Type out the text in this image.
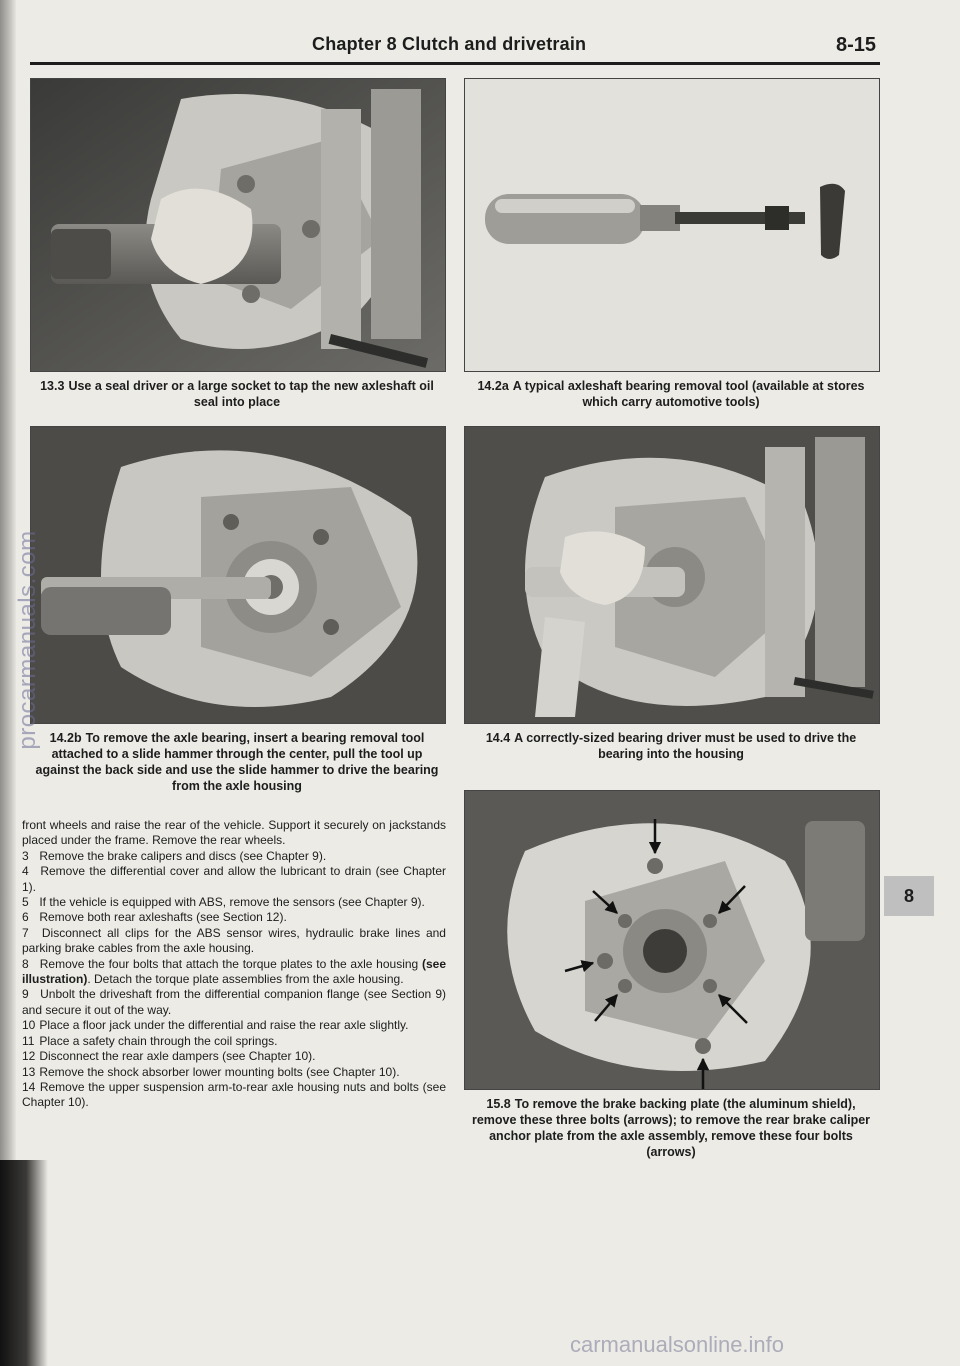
Chapter 8 Clutch and drivetrain	8-15
13.3 Use a seal driver or a large socket to tap the new axleshaft oil seal into place
14.2a A typical axleshaft bearing removal tool (available at stores which carry automotive tools)
14.2b To remove the axle bearing, insert a bearing removal tool attached to a slide hammer through the center, pull the tool up against the back side and use the slide hammer to drive the bearing from the axle housing
14.4 A correctly-sized bearing driver must be used to drive the bearing into the housing

front wheels and raise the rear of the vehicle. Support it securely on jackstands placed under the frame. Remove the rear wheels.

3 Remove the brake calipers and discs (see Chapter 9).

4 Remove the differential cover and allow the lubricant to drain (see Chapter 1).

5 If the vehicle is equipped with ABS, remove the sensors (see Chapter 9).

6 Remove both rear axleshafts (see Section 12).

7 Disconnect all clips for the ABS sensor wires, hydraulic brake lines and parking brake cables from the axle housing.

8 Remove the four bolts that attach the torque plates to the axle housing (see illustration). Detach the torque plate assemblies from the axle housing.

9 Unbolt the driveshaft from the differential companion flange (see Section 9) and secure it out of the way.

10 Place a floor jack under the differential and raise the rear axle slightly.

11 Place a safety chain through the coil springs.

12 Disconnect the rear axle dampers (see Chapter 10).

13 Remove the shock absorber lower mounting bolts (see Chapter 10).

14 Remove the upper suspension arm-to-rear axle housing nuts and bolts (see Chapter 10).	15.8 To remove the brake backing plate (the aluminum shield), remove these three bolts (arrows); to remove the rear brake caliper anchor plate from the axle assembly, remove these four bolts (arrows)
8
procarmanuals.com
carmanualsonline.info
